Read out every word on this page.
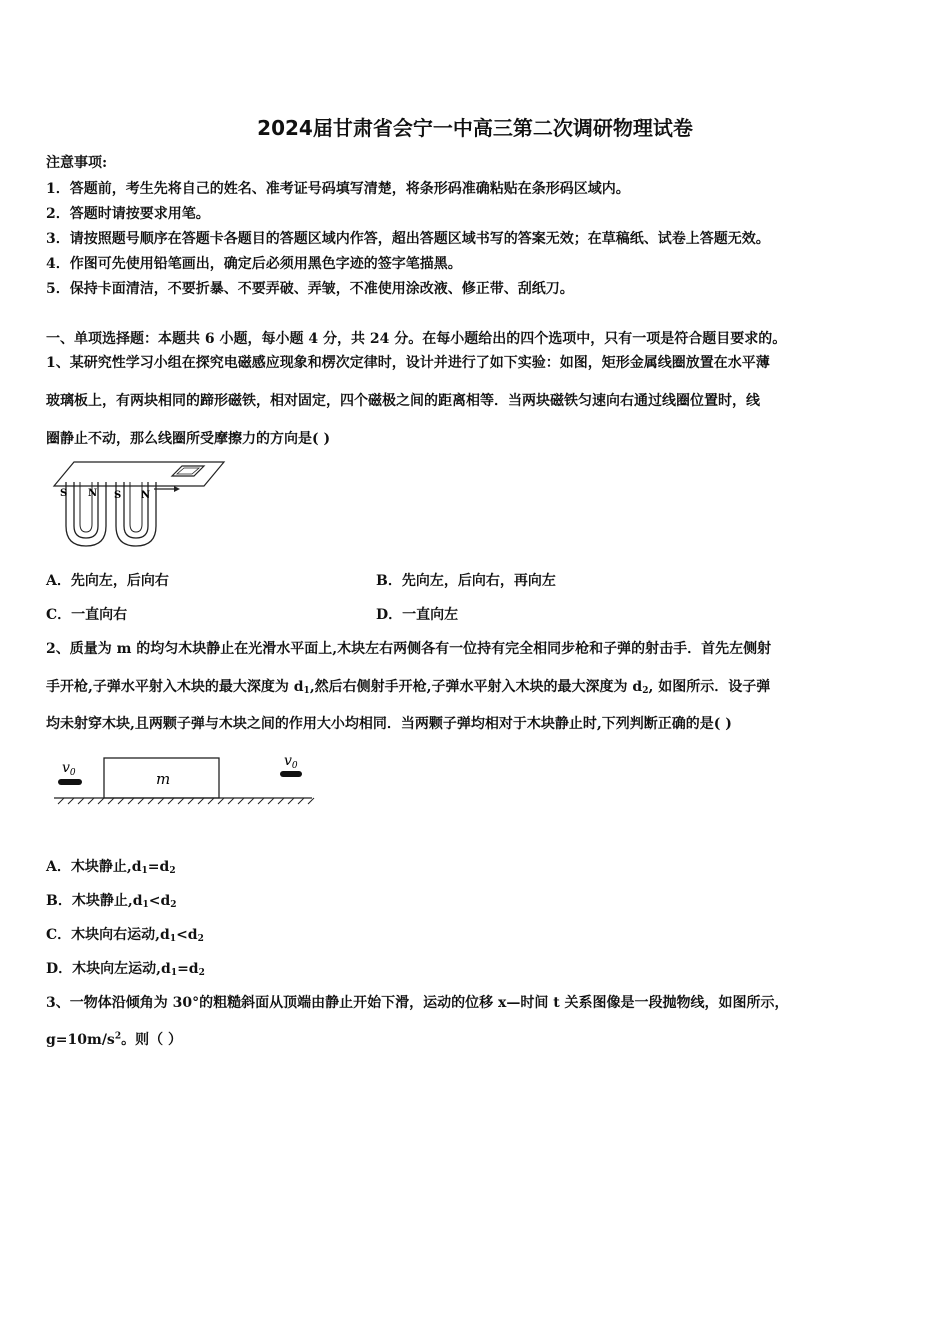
2024届甘肃省会宁一中高三第二次调研物理试卷
注意事项:
1．答题前，考生先将自己的姓名、准考证号码填写清楚，将条形码准确粘贴在条形码区域内。
2．答题时请按要求用笔。
3．请按照题号顺序在答题卡各题目的答题区域内作答，超出答题区域书写的答案无效；在草稿纸、试卷上答题无效。
4．作图可先使用铅笔画出，确定后必须用黑色字迹的签字笔描黑。
5．保持卡面清洁，不要折暴、不要弄破、弄皱，不准使用涂改液、修正带、刮纸刀。
一、单项选择题：本题共 6 小题，每小题 4 分，共 24 分。在每小题给出的四个选项中，只有一项是符合题目要求的。
1、某研究性学习小组在探究电磁感应现象和楞次定律时，设计并进行了如下实验：如图，矩形金属线圈放置在水平薄
玻璃板上，有两块相同的蹄形磁铁，相对固定，四个磁极之间的距离相等．当两块磁铁匀速向右通过线圈位置时，线
圈静止不动，那么线圈所受摩擦力的方向是( )
S N S N
A．先向左，后向右	B．先向左，后向右，再向左
C．一直向右	D．一直向左
2、质量为 m 的均匀木块静止在光滑水平面上,木块左右两侧各有一位持有完全相同步枪和子弹的射击手．首先左侧射
手开枪,子弹水平射入木块的最大深度为 $d_1$,然后右侧射手开枪,子弹水平射入木块的最大深度为 $d_2$, 如图所示．设子弹
均未射穿木块,且两颗子弹与木块之间的作用大小均相同．当两颗子弹均相对于木块静止时,下列判断正确的是( )
m
$v_0$
$v_0$
A．木块静止$,d_1=d_2$
B．木块静止$,d_1<d_2$
C．木块向右运动$,d_1<d_2$
D．木块向左运动$,d_1=d_2$
3、一物体沿倾角为 30°的粗糙斜面从顶端由静止开始下滑，运动的位移 x—时间 t 关系图像是一段抛物线，如图所示，
$g=10m/s^2$。则（ ）
